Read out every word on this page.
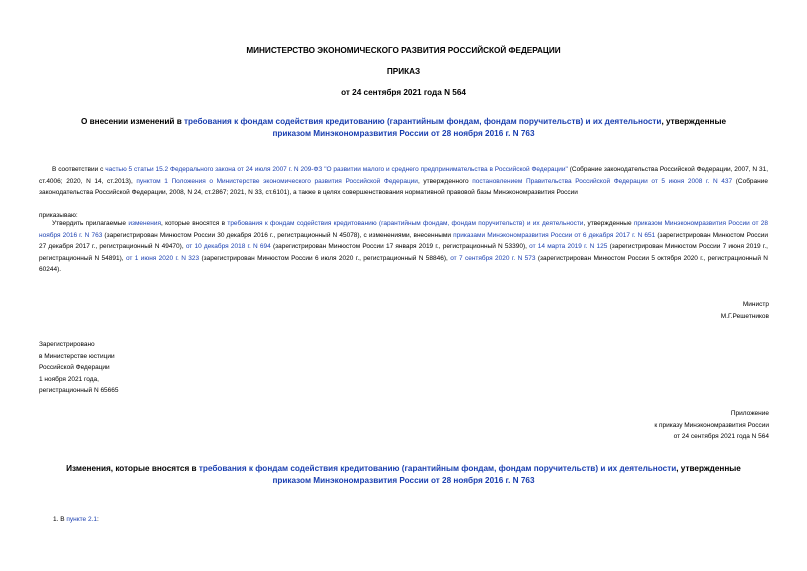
МИНИСТЕРСТВО ЭКОНОМИЧЕСКОГО РАЗВИТИЯ РОССИЙСКОЙ ФЕДЕРАЦИИ
ПРИКАЗ
от 24 сентября 2021 года N 564
О внесении изменений в требования к фондам содействия кредитованию (гарантийным фондам, фондам поручительств) и их деятельности, утвержденные
приказом Минэкономразвития России от 28 ноября 2016 г. N 763
В соответствии с частью 5 статьи 15.2 Федерального закона от 24 июля 2007 г. N 209-ФЗ "О развитии малого и среднего предпринимательства в Российской Федерации" (Собрание законодательства Российской Федерации, 2007, N 31, ст.4006; 2020, N 14, ст.2013), пунктом 1 Положения о Министерстве экономического развития Российской Федерации, утвержденного постановлением Правительства Российской Федерации от 5 июня 2008 г. N 437 (Собрание законодательства Российской Федерации, 2008, N 24, ст.2867; 2021, N 33, ст.6101), а также в целях совершенствования нормативной правовой базы Минэкономразвития России
приказываю:
Утвердить прилагаемые изменения, которые вносятся в требования к фондам содействия кредитованию (гарантийным фондам, фондам поручительств) и их деятельности, утвержденные приказом Минэкономразвития России от 28 ноября 2016 г. N 763 (зарегистрирован Минюстом России 30 декабря 2016 г., регистрационный N 45078), с изменениями, внесенными приказами Минэкономразвития России от 6 декабря 2017 г. N 651 (зарегистрирован Минюстом России 27 декабря 2017 г., регистрационный N 49470), от 10 декабря 2018 г. N 694 (зарегистрирован Минюстом России 17 января 2019 г., регистрационный N 53390), от 14 марта 2019 г. N 125 (зарегистрирован Минюстом России 7 июня 2019 г., регистрационный N 54891), от 1 июня 2020 г. N 323 (зарегистрирован Минюстом России 6 июля 2020 г., регистрационный N 58846), от 7 сентября 2020 г. N 573 (зарегистрирован Минюстом России 5 октября 2020 г., регистрационный N 60244).
Министр
М.Г.Решетников
Зарегистрировано
в Министерстве юстиции
Российской Федерации
1 ноября 2021 года,
регистрационный N 65665
Приложение
к приказу Минэкономразвития России
от 24 сентября 2021 года N 564
Изменения, которые вносятся в требования к фондам содействия кредитованию (гарантийным фондам, фондам поручительств) и их деятельности, утвержденные
приказом Минэкономразвития России от 28 ноября 2016 г. N 763
1. В пункте 2.1:
